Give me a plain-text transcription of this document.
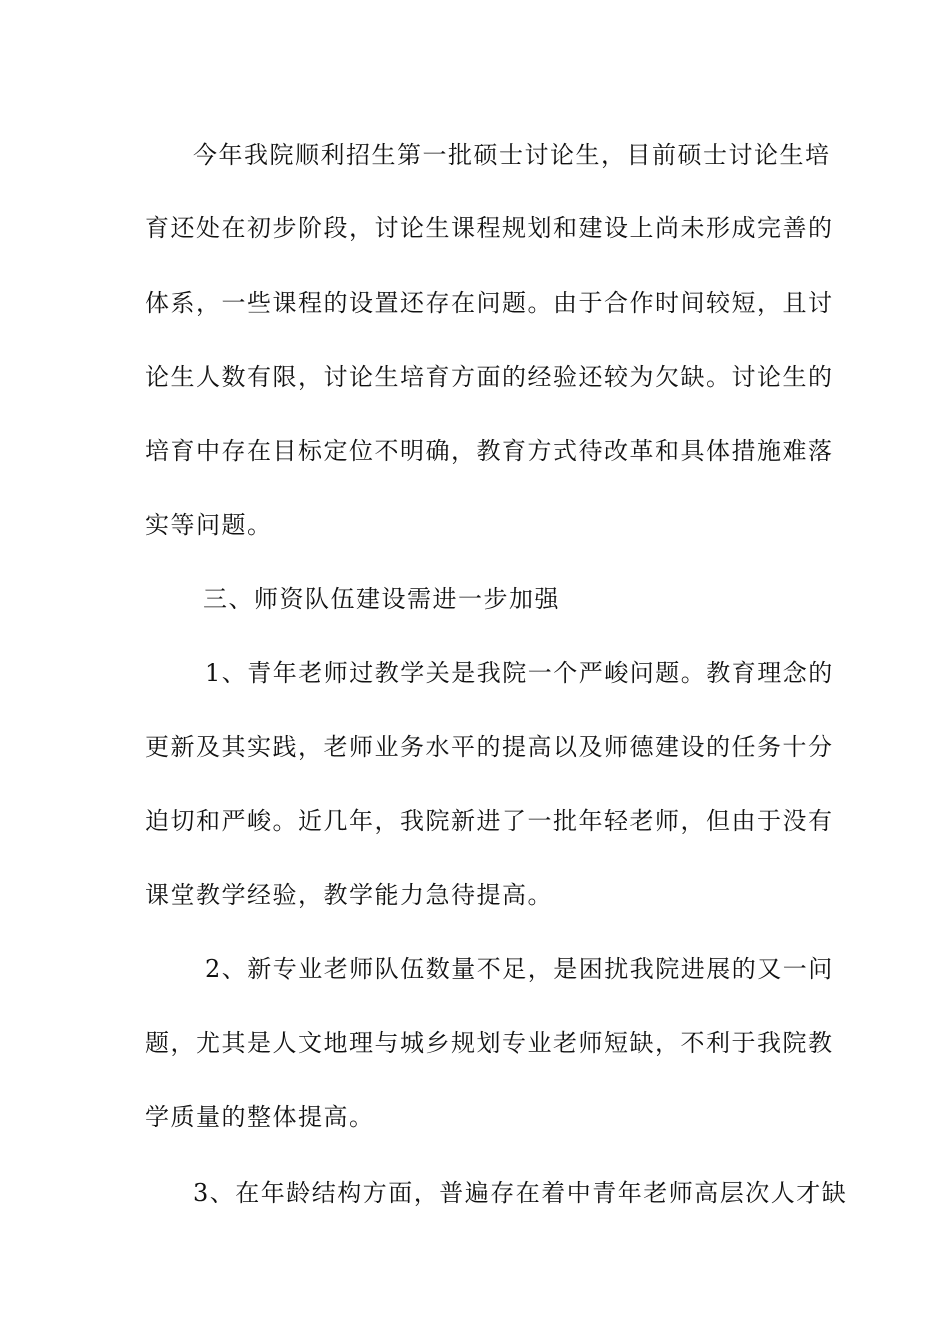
今年我院顺利招生第一批硕士讨论生，目前硕士讨论生培
育还处在初步阶段，讨论生课程规划和建设上尚未形成完善的
体系，一些课程的设置还存在问题。由于合作时间较短，且讨
论生人数有限，讨论生培育方面的经验还较为欠缺。讨论生的
培育中存在目标定位不明确，教育方式待改革和具体措施难落
实等问题。
三、师资队伍建设需进一步加强
1、青年老师过教学关是我院一个严峻问题。教育理念的
更新及其实践，老师业务水平的提高以及师德建设的任务十分
迫切和严峻。近几年，我院新进了一批年轻老师，但由于没有
课堂教学经验，教学能力急待提高。
2、新专业老师队伍数量不足，是困扰我院进展的又一问
题，尤其是人文地理与城乡规划专业老师短缺，不利于我院教
学质量的整体提高。
3、在年龄结构方面，普遍存在着中青年老师高层次人才缺
